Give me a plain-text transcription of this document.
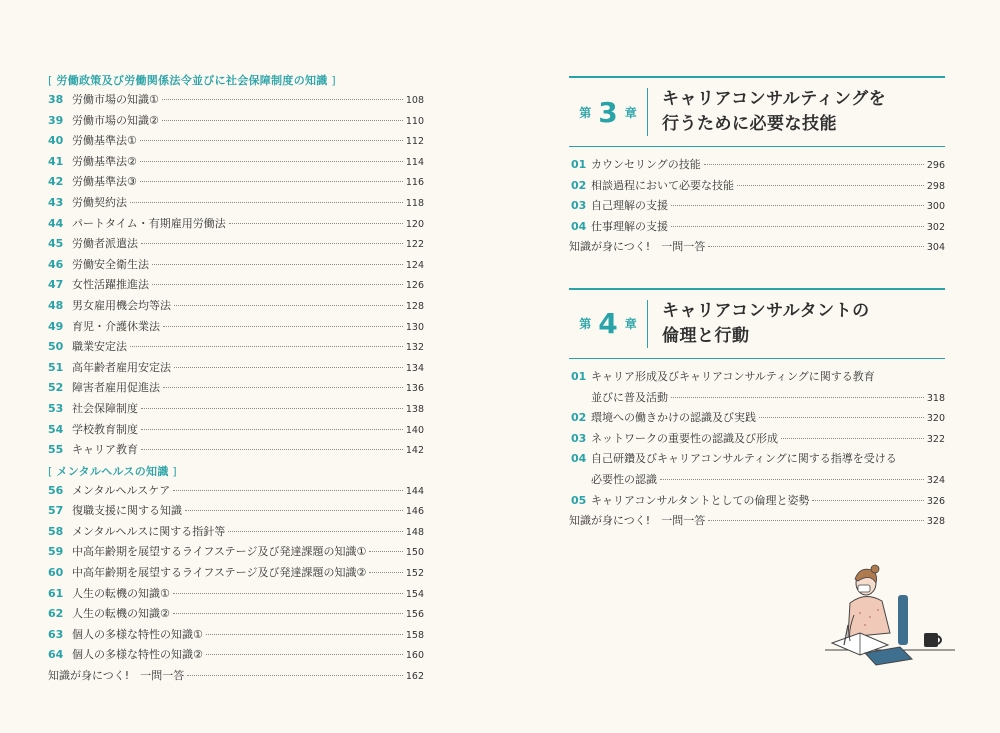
[ 労働政策及び労働関係法令並びに社会保障制度の知識 ]
38 労働市場の知識①	108
39 労働市場の知識②	110
40 労働基準法①	112
41 労働基準法②	114
42 労働基準法③	116
43 労働契約法	118
44 パートタイム・有期雇用労働法	120
45 労働者派遣法	122
46 労働安全衛生法	124
47 女性活躍推進法	126
48 男女雇用機会均等法	128
49 育児・介護休業法	130
50 職業安定法	132
51 高年齢者雇用安定法	134
52 障害者雇用促進法	136
53 社会保障制度	138
54 学校教育制度	140
55 キャリア教育	142
[ メンタルヘルスの知識 ]
56 メンタルヘルスケア	144
57 復職支援に関する知識	146
58 メンタルヘルスに関する指針等	148
59 中高年齢期を展望するライフステージ及び発達課題の知識①	150
60 中高年齢期を展望するライフステージ及び発達課題の知識②	152
61 人生の転機の知識①	154
62 人生の転機の知識②	156
63 個人の多様な特性の知識①	158
64 個人の多様な特性の知識②	160
知識が身につく!　一問一答	162
第 3 章
キャリアコンサルティングを
行うために必要な技能
01 カウンセリングの技能	296
02 相談過程において必要な技能	298
03 自己理解の支援	300
04 仕事理解の支援	302
知識が身につく!　一問一答	304
第 4 章
キャリアコンサルタントの
倫理と行動
01 キャリア形成及びキャリアコンサルティングに関する教育
並びに普及活動	318
02 環境への働きかけの認識及び実践	320
03 ネットワークの重要性の認識及び形成	322
04 自己研鑽及びキャリアコンサルティングに関する指導を受ける
必要性の認識	324
05 キャリアコンサルタントとしての倫理と姿勢	326
知識が身につく!　一問一答	328
